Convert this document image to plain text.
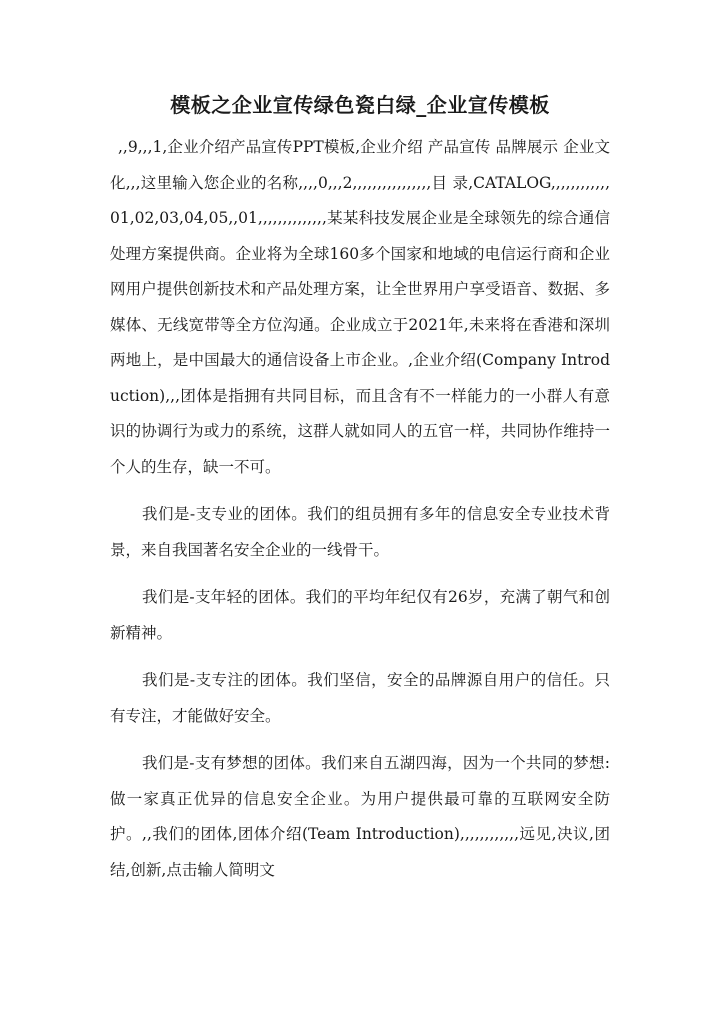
模板之企业宣传绿色瓷白绿_企业宣传模板

,,9,,,1,企业介绍产品宣传PPT模板,企业介绍 产品宣传 品牌展示 企业文化,,,这里输入您企业的名称,,,,0,,,2,,,,,,,,,,,,,,,,目 录,CATALOG,,,,,,,,,,,,01,02,03,04,05,,01,,,,,,,,,,,,,,某某科技发展企业是全球领先的综合通信处理方案提供商。企业将为全球160多个国家和地域的电信运行商和企业网用户提供创新技术和产品处理方案，让全世界用户享受语音、数据、多媒体、无线宽带等全方位沟通。企业成立于2021年,未来将在香港和深圳两地上，是中国最大的通信设备上市企业。,企业介绍(Company Introduction),,,团体是指拥有共同目标，而且含有不一样能力的一小群人有意识的协调行为或力的系统，这群人就如同人的五官一样，共同协作维持一个人的生存，缺一不可。

我们是-支专业的团体。我们的组员拥有多年的信息安全专业技术背景，来自我国著名安全企业的一线骨干。

我们是-支年轻的团体。我们的平均年纪仅有26岁，充满了朝气和创新精神。

我们是-支专注的团体。我们坚信，安全的品牌源自用户的信任。只有专注，才能做好安全。

我们是-支有梦想的团体。我们来自五湖四海，因为一个共同的梦想:做一家真正优异的信息安全企业。为用户提供最可靠的互联网安全防护。,,我们的团体,团体介绍(Team Introduction),,,,,,,,,,,,远见,决议,团结,创新,点击输人简明文
